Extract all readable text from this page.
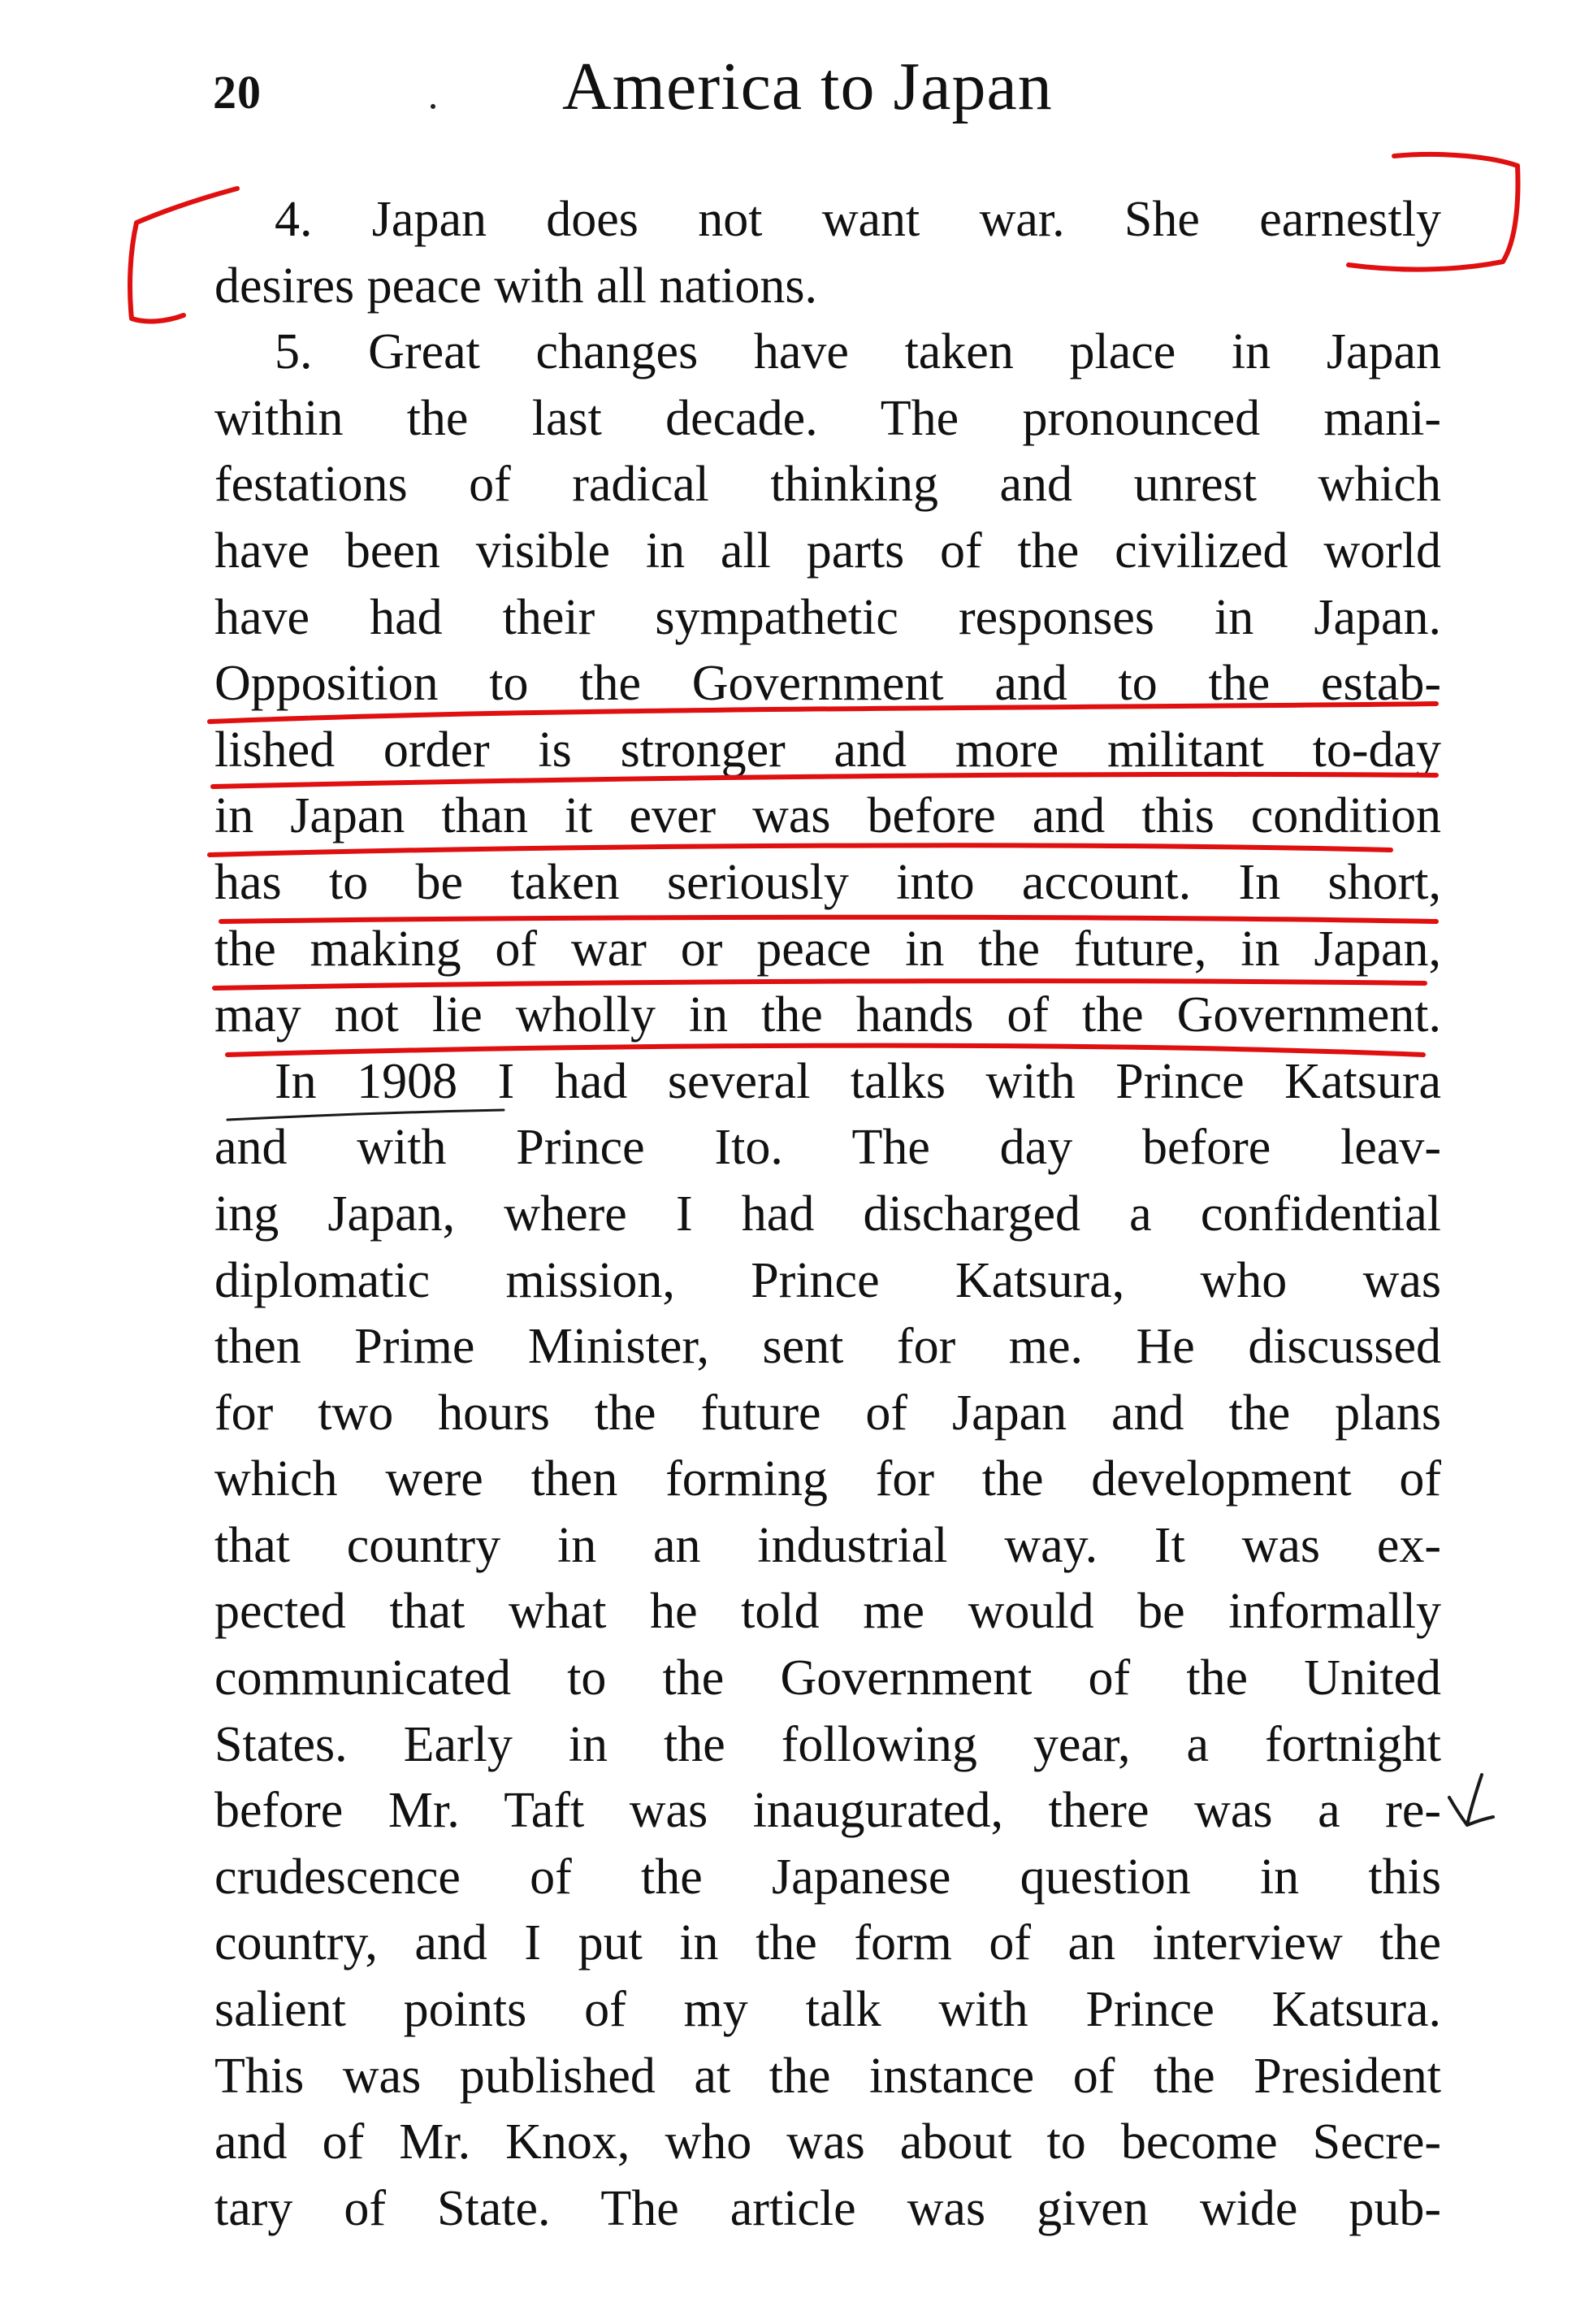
20	America to Japan
4. Japan does not want war. She earnestly
desires peace with all nations.
5. Great changes have taken place in Japan
within the last decade. The pronounced mani-
festations of radical thinking and unrest which
have been visible in all parts of the civilized world
have had their sympathetic responses in Japan.
Opposition to the Government and to the estab-
lished order is stronger and more militant to-day
in Japan than it ever was before and this condition
has to be taken seriously into account. In short,
the making of war or peace in the future, in Japan,
may not lie wholly in the hands of the Government.
In 1908 I had several talks with Prince Katsura
and with Prince Ito. The day before leav-
ing Japan, where I had discharged a confidential
diplomatic mission, Prince Katsura, who was
then Prime Minister, sent for me. He discussed
for two hours the future of Japan and the plans
which were then forming for the development of
that country in an industrial way. It was ex-
pected that what he told me would be informally
communicated to the Government of the United
States. Early in the following year, a fortnight
before Mr. Taft was inaugurated, there was a re-
crudescence of the Japanese question in this
country, and I put in the form of an interview the
salient points of my talk with Prince Katsura.
This was published at the instance of the President
and of Mr. Knox, who was about to become Secre-
tary of State. The article was given wide pub-
